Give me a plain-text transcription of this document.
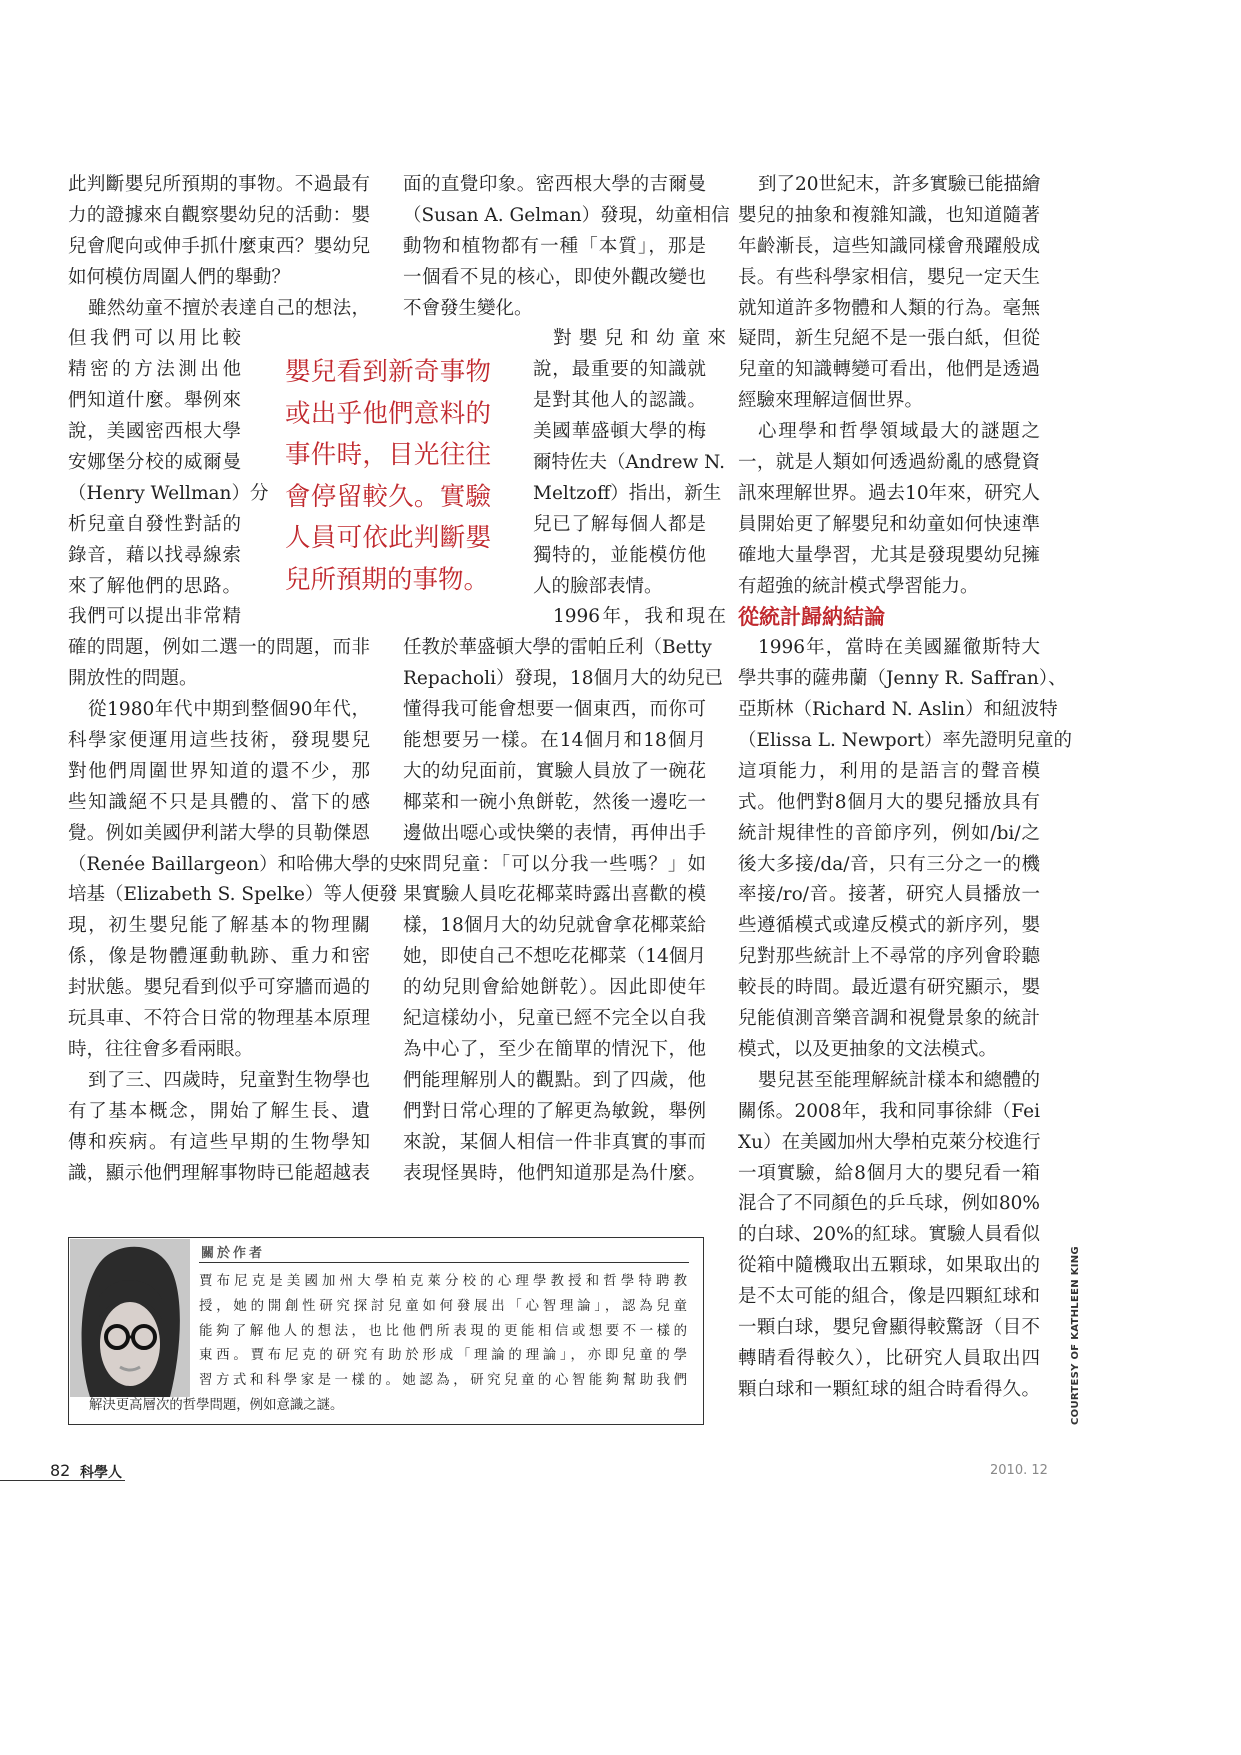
此判斷嬰兒所預期的事物。不過最有
力的證據來自觀察嬰幼兒的活動：嬰
兒會爬向或伸手抓什麼東西？嬰幼兒
如何模仿周圍人們的舉動？
雖然幼童不擅於表達自己的想法，
但我們可以用比較
精密的方法測出他
們知道什麼。舉例來
說，美國密西根大學
安娜堡分校的威爾曼
（Henry Wellman）分
析兒童自發性對話的
錄音，藉以找尋線索
來了解他們的思路。
我們可以提出非常精
確的問題，例如二選一的問題，而非
開放性的問題。
從1980年代中期到整個90年代，
科學家便運用這些技術，發現嬰兒
對他們周圍世界知道的還不少，那
些知識絕不只是具體的、當下的感
覺。例如美國伊利諾大學的貝勒傑恩
（Renée Baillargeon）和哈佛大學的史
培基（Elizabeth S. Spelke）等人便發
現，初生嬰兒能了解基本的物理關
係，像是物體運動軌跡、重力和密
封狀態。嬰兒看到似乎可穿牆而過的
玩具車、不符合日常的物理基本原理
時，往往會多看兩眼。
到了三、四歲時，兒童對生物學也
有了基本概念，開始了解生長、遺
傳和疾病。有這些早期的生物學知
識，顯示他們理解事物時已能超越表
面的直覺印象。密西根大學的吉爾曼
（Susan A. Gelman）發現，幼童相信
動物和植物都有一種「本質」，那是
一個看不見的核心，即使外觀改變也
不會發生變化。
對嬰兒和幼童來
說，最重要的知識就
是對其他人的認識。
美國華盛頓大學的梅
爾特佐夫（Andrew N.
Meltzoff）指出，新生
兒已了解每個人都是
獨特的，並能模仿他
人的臉部表情。
1996年，我和現在
任教於華盛頓大學的雷帕丘利（Betty
Repacholi）發現，18個月大的幼兒已
懂得我可能會想要一個東西，而你可
能想要另一樣。在14個月和18個月
大的幼兒面前，實驗人員放了一碗花
椰菜和一碗小魚餅乾，然後一邊吃一
邊做出噁心或快樂的表情，再伸出手
來問兒童：「可以分我一些嗎？」如
果實驗人員吃花椰菜時露出喜歡的模
樣，18個月大的幼兒就會拿花椰菜給
她，即使自己不想吃花椰菜（14個月
的幼兒則會給她餅乾）。因此即使年
紀這樣幼小，兒童已經不完全以自我
為中心了，至少在簡單的情況下，他
們能理解別人的觀點。到了四歲，他
們對日常心理的了解更為敏銳，舉例
來說，某個人相信一件非真實的事而
表現怪異時，他們知道那是為什麼。
到了20世紀末，許多實驗已能描繪
嬰兒的抽象和複雜知識，也知道隨著
年齡漸長，這些知識同樣會飛躍般成
長。有些科學家相信，嬰兒一定天生
就知道許多物體和人類的行為。毫無
疑問，新生兒絕不是一張白紙，但從
兒童的知識轉變可看出，他們是透過
經驗來理解這個世界。
心理學和哲學領域最大的謎題之
一，就是人類如何透過紛亂的感覺資
訊來理解世界。過去10年來，研究人
員開始更了解嬰兒和幼童如何快速準
確地大量學習，尤其是發現嬰幼兒擁
有超強的統計模式學習能力。
從統計歸納結論
1996年，當時在美國羅徹斯特大
學共事的薩弗蘭（Jenny R. Saffran）、
亞斯林（Richard N. Aslin）和紐波特
（Elissa L. Newport）率先證明兒童的
這項能力，利用的是語言的聲音模
式。他們對8個月大的嬰兒播放具有
統計規律性的音節序列，例如/bi/之
後大多接/da/音，只有三分之一的機
率接/ro/音。接著，研究人員播放一
些遵循模式或違反模式的新序列，嬰
兒對那些統計上不尋常的序列會聆聽
較長的時間。最近還有研究顯示，嬰
兒能偵測音樂音調和視覺景象的統計
模式，以及更抽象的文法模式。
嬰兒甚至能理解統計樣本和總體的
關係。2008年，我和同事徐緋（Fei
Xu）在美國加州大學柏克萊分校進行
一項實驗，給8個月大的嬰兒看一箱
混合了不同顏色的乒乓球，例如80%
的白球、20%的紅球。實驗人員看似
從箱中隨機取出五顆球，如果取出的
是不太可能的組合，像是四顆紅球和
一顆白球，嬰兒會顯得較驚訝（目不
轉睛看得較久），比研究人員取出四
顆白球和一顆紅球的組合時看得久。
嬰兒看到新奇事物
或出乎他們意料的
事件時，目光往往
會停留較久。實驗
人員可依此判斷嬰
兒所預期的事物。
關於作者
賈布尼克是美國加州大學柏克萊分校的心理學教授和哲學特聘教
授，她的開創性研究探討兒童如何發展出「心智理論」，認為兒童
能夠了解他人的想法，也比他們所表現的更能相信或想要不一樣的
東西。賈布尼克的研究有助於形成「理論的理論」，亦即兒童的學
習方式和科學家是一樣的。她認為，研究兒童的心智能夠幫助我們
解決更高層次的哲學問題，例如意識之謎。	COURTESY OF KATHLEEN KING
82 科學人	2010. 12
